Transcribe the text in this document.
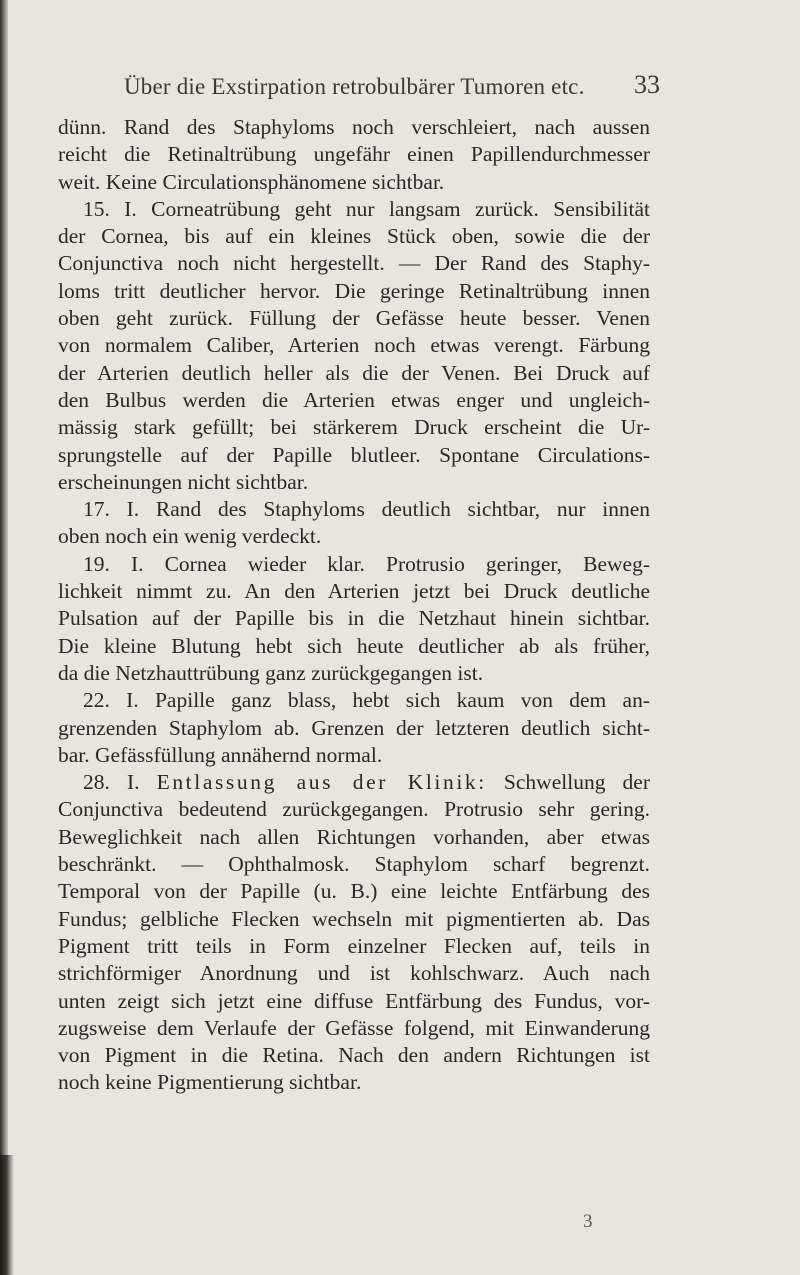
Über die Exstirpation retrobulbärer Tumoren etc. 33
dünn. Rand des Staphyloms noch verschleiert, nach aussen
reicht die Retinaltrübung ungefähr einen Papillendurchmesser
weit. Keine Circulationsphänomene sichtbar.
15. I. Corneatrübung geht nur langsam zurück. Sensibilität
der Cornea, bis auf ein kleines Stück oben, sowie die der
Conjunctiva noch nicht hergestellt. — Der Rand des Staphy-
loms tritt deutlicher hervor. Die geringe Retinaltrübung innen
oben geht zurück. Füllung der Gefässe heute besser. Venen
von normalem Caliber, Arterien noch etwas verengt. Färbung
der Arterien deutlich heller als die der Venen. Bei Druck auf
den Bulbus werden die Arterien etwas enger und ungleich-
mässig stark gefüllt; bei stärkerem Druck erscheint die Ur-
sprungstelle auf der Papille blutleer. Spontane Circulations-
erscheinungen nicht sichtbar.
17. I. Rand des Staphyloms deutlich sichtbar, nur innen
oben noch ein wenig verdeckt.
19. I. Cornea wieder klar. Protrusio geringer, Beweg-
lichkeit nimmt zu. An den Arterien jetzt bei Druck deutliche
Pulsation auf der Papille bis in die Netzhaut hinein sichtbar.
Die kleine Blutung hebt sich heute deutlicher ab als früher,
da die Netzhauttrübung ganz zurückgegangen ist.
22. I. Papille ganz blass, hebt sich kaum von dem an-
grenzenden Staphylom ab. Grenzen der letzteren deutlich sicht-
bar. Gefässfüllung annähernd normal.
28. I. Entlassung aus der Klinik: Schwellung der
Conjunctiva bedeutend zurückgegangen. Protrusio sehr gering.
Beweglichkeit nach allen Richtungen vorhanden, aber etwas
beschränkt. — Ophthalmosk. Staphylom scharf begrenzt.
Temporal von der Papille (u. B.) eine leichte Entfärbung des
Fundus; gelbliche Flecken wechseln mit pigmentierten ab. Das
Pigment tritt teils in Form einzelner Flecken auf, teils in
strichförmiger Anordnung und ist kohlschwarz. Auch nach
unten zeigt sich jetzt eine diffuse Entfärbung des Fundus, vor-
zugsweise dem Verlaufe der Gefässe folgend, mit Einwanderung
von Pigment in die Retina. Nach den andern Richtungen ist
noch keine Pigmentierung sichtbar.
3
